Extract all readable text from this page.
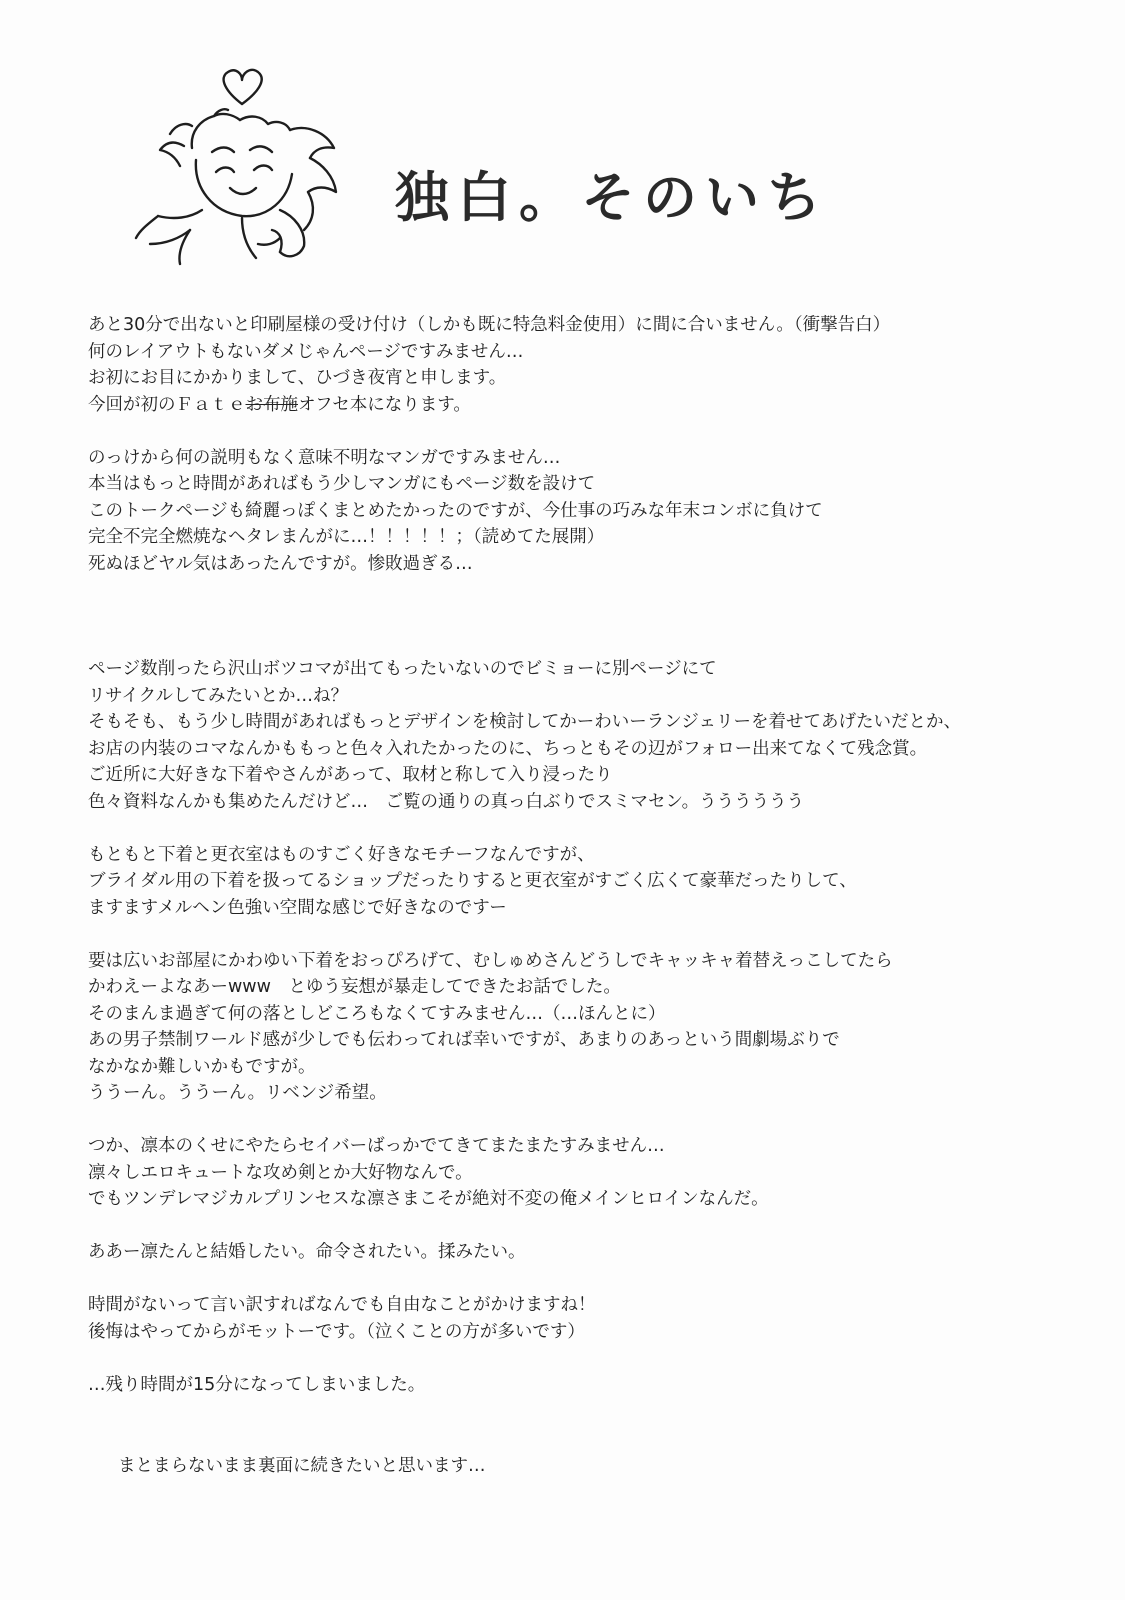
独白。そのいち
あと30分で出ないと印刷屋様の受け付け（しかも既に特急料金使用）に間に合いません。（衝撃告白）
何のレイアウトもないダメじゃんページですみません…
お初にお目にかかりまして、ひづき夜宵と申します。
今回が初のＦａｔｅお布施オフセ本になります。
のっけから何の説明もなく意味不明なマンガですみません…
本当はもっと時間があればもう少しマンガにもページ数を設けて
このトークページも綺麗っぽくまとめたかったのですが、今仕事の巧みな年末コンボに負けて
完全不完全燃焼なヘタレまんがに…！！！！！；（読めてた展開）
死ぬほどヤル気はあったんですが。惨敗過ぎる…
ページ数削ったら沢山ボツコマが出てもったいないのでビミョーに別ページにて
リサイクルしてみたいとか…ね？
そもそも、もう少し時間があればもっとデザインを検討してかーわいーランジェリーを着せてあげたいだとか、
お店の内装のコマなんかももっと色々入れたかったのに、ちっともその辺がフォロー出来てなくて残念賞。
ご近所に大好きな下着やさんがあって、取材と称して入り浸ったり
色々資料なんかも集めたんだけど…　ご覧の通りの真っ白ぶりでスミマセン。うううううう
もともと下着と更衣室はものすごく好きなモチーフなんですが、
ブライダル用の下着を扱ってるショップだったりすると更衣室がすごく広くて豪華だったりして、
ますますメルヘン色強い空間な感じで好きなのですー
要は広いお部屋にかわゆい下着をおっぴろげて、むしゅめさんどうしでキャッキャ着替えっこしてたら
かわえーよなあーwww　とゆう妄想が暴走してできたお話でした。
そのまんま過ぎて何の落としどころもなくてすみません…（…ほんとに）
あの男子禁制ワールド感が少しでも伝わってれば幸いですが、あまりのあっという間劇場ぶりで
なかなか難しいかもですが。
ううーん。ううーん。リベンジ希望。
つか、凛本のくせにやたらセイバーばっかでてきてまたまたすみません…
凛々しエロキュートな攻め剣とか大好物なんで。
でもツンデレマジカルプリンセスな凛さまこそが絶対不変の俺メインヒロインなんだ。
ああー凛たんと結婚したい。命令されたい。揉みたい。
時間がないって言い訳すればなんでも自由なことがかけますね！
後悔はやってからがモットーです。（泣くことの方が多いです）
…残り時間が15分になってしまいました。
まとまらないまま裏面に続きたいと思います…
